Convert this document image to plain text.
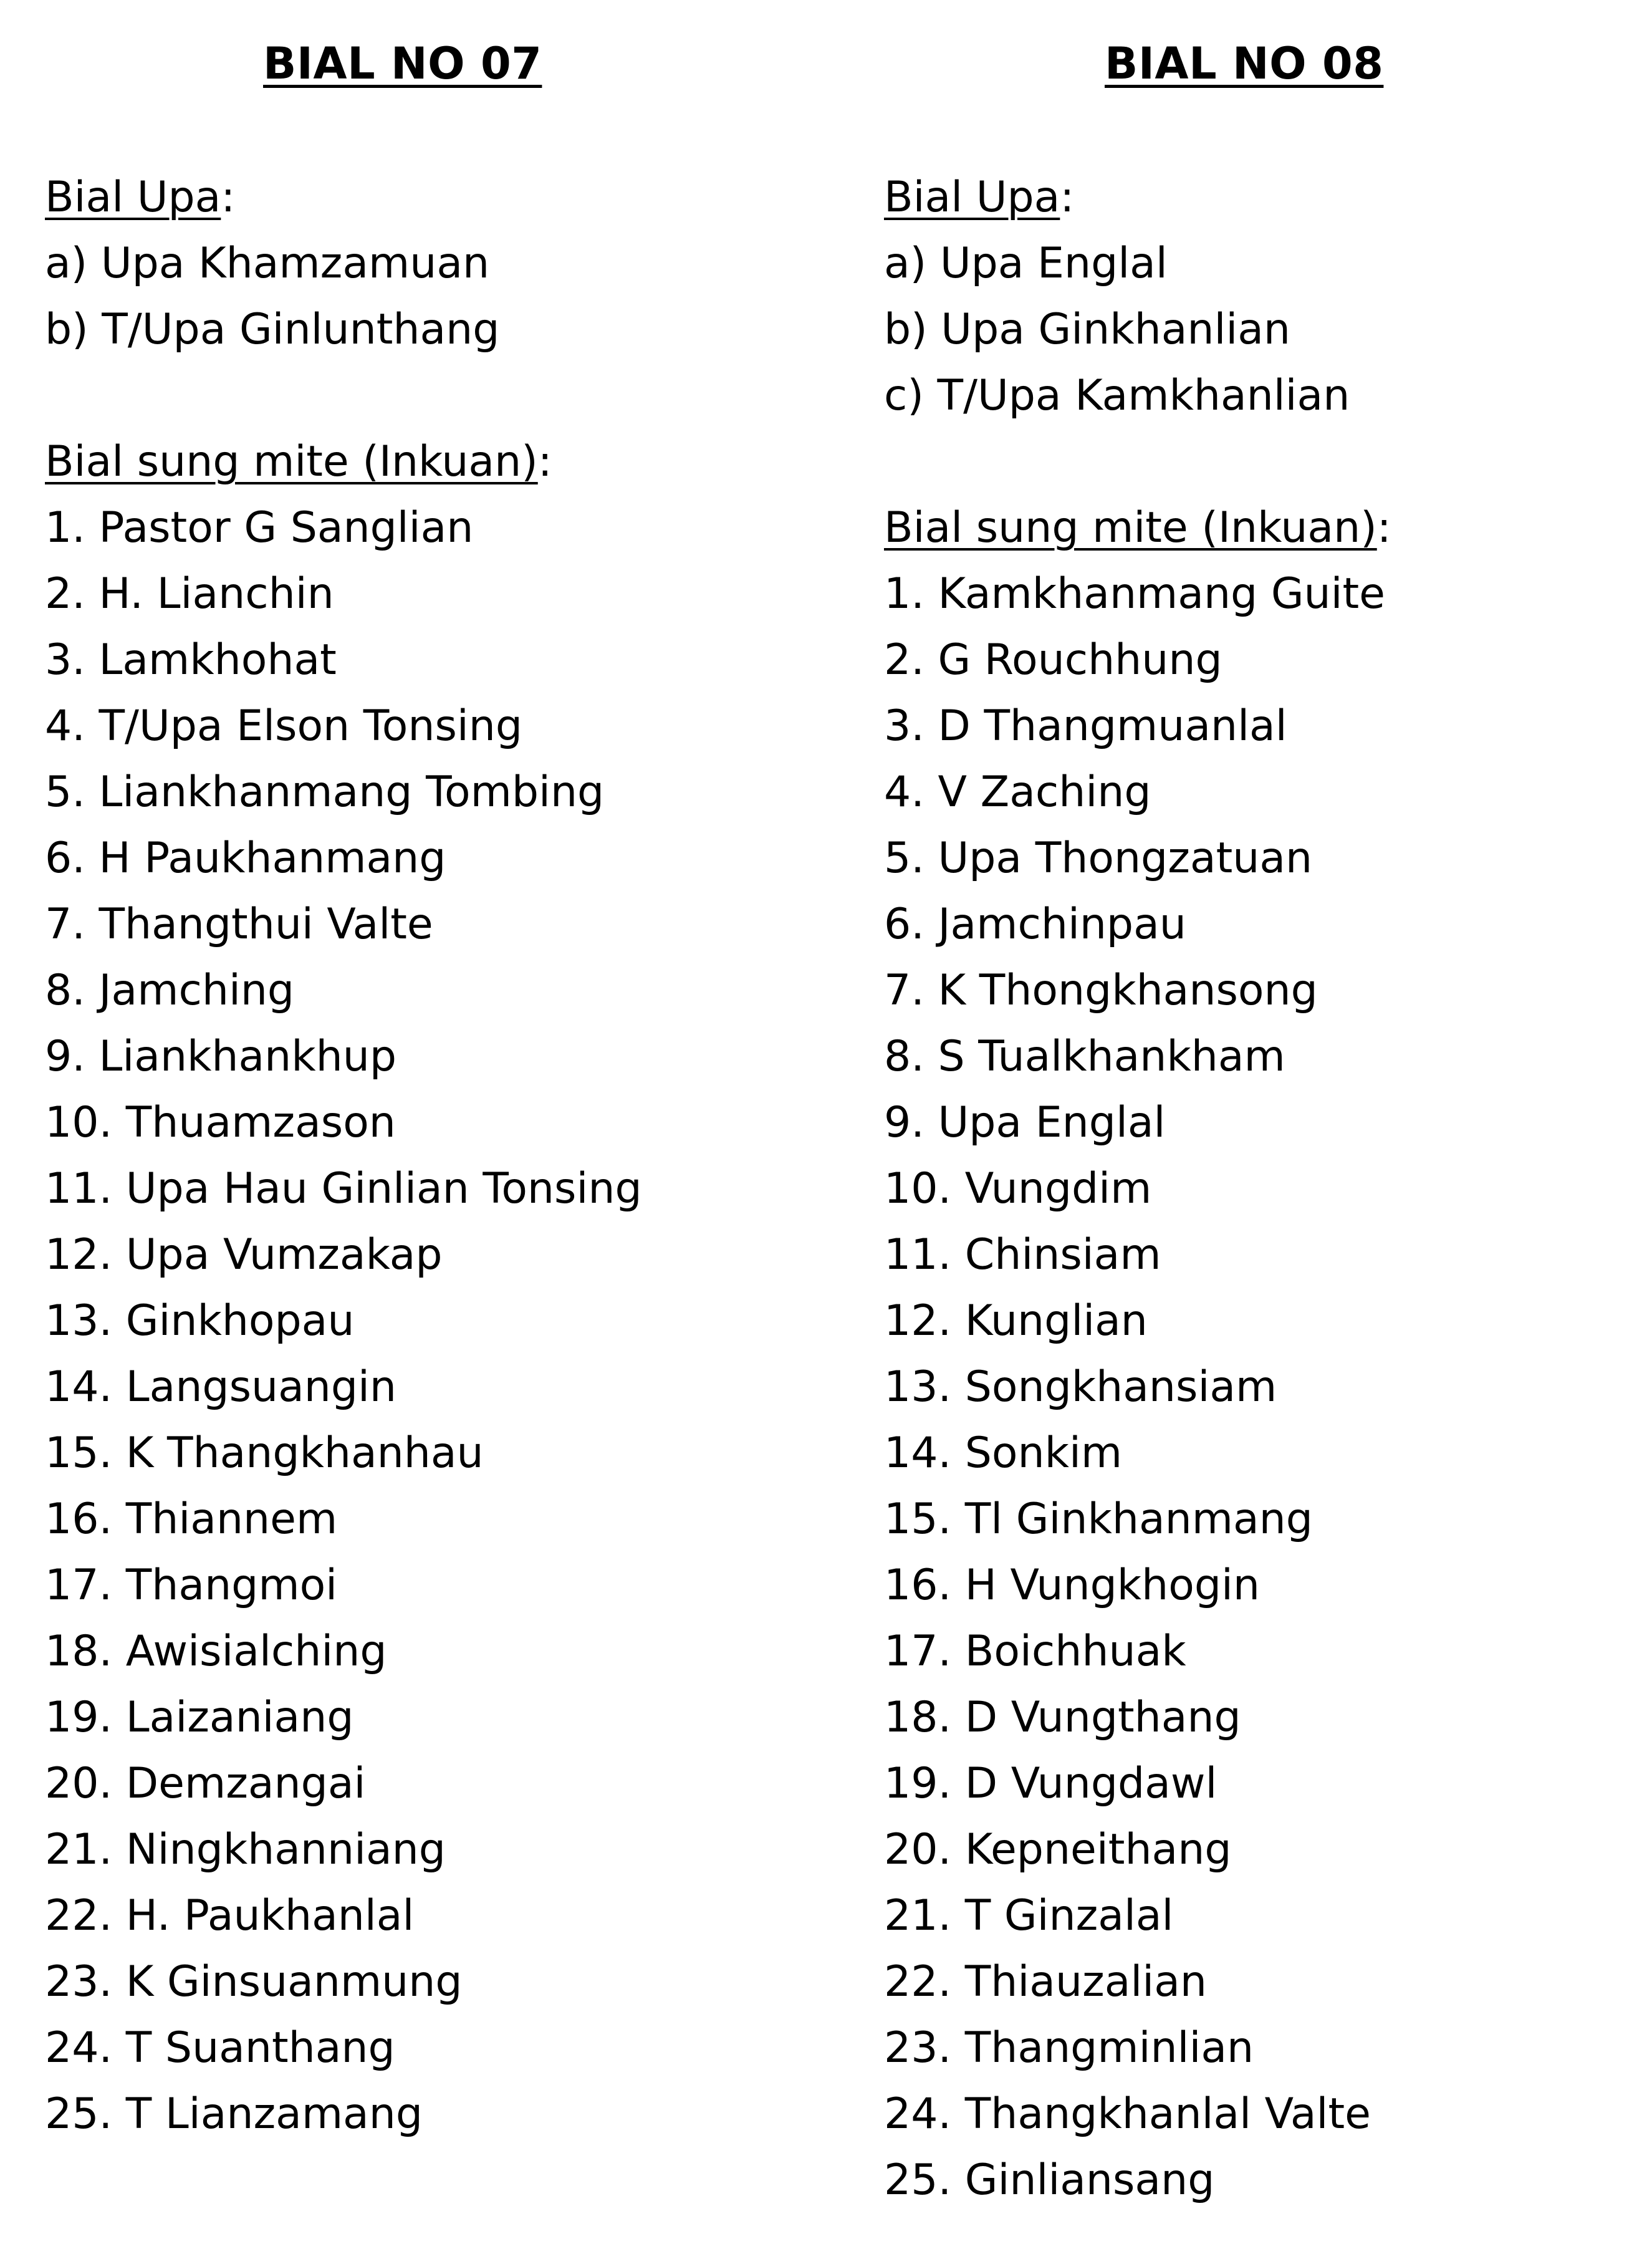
BIAL NO 07
Bial Upa:
a) Upa Khamzamuan
b) T/Upa Ginlunthang
Bial sung mite (Inkuan):
1. Pastor G Sanglian
2. H. Lianchin
3. Lamkhohat
4. T/Upa Elson Tonsing
5. Liankhanmang Tombing
6. H Paukhanmang
7. Thangthui Valte
8. Jamching
9. Liankhankhup
10. Thuamzason
11. Upa Hau Ginlian Tonsing
12. Upa Vumzakap
13. Ginkhopau
14. Langsuangin
15. K Thangkhanhau
16. Thiannem
17. Thangmoi
18. Awisialching
19. Laizaniang
20. Demzangai
21. Ningkhanniang
22. H. Paukhanlal
23. K Ginsuanmung
24. T Suanthang
25. T Lianzamang
BIAL NO 08
Bial Upa:
a) Upa Englal
b) Upa Ginkhanlian
c) T/Upa Kamkhanlian
Bial sung mite (Inkuan):
1. Kamkhanmang Guite
2. G Rouchhung
3. D Thangmuanlal
4. V Zaching
5. Upa Thongzatuan
6. Jamchinpau
7. K Thongkhansong
8. S Tualkhankham
9. Upa Englal
10. Vungdim
11. Chinsiam
12. Kunglian
13. Songkhansiam
14. Sonkim
15. Tl Ginkhanmang
16. H Vungkhogin
17. Boichhuak
18. D Vungthang
19. D Vungdawl
20. Kepneithang
21. T Ginzalal
22. Thiauzalian
23. Thangminlian
24. Thangkhanlal Valte
25. Ginliansang
